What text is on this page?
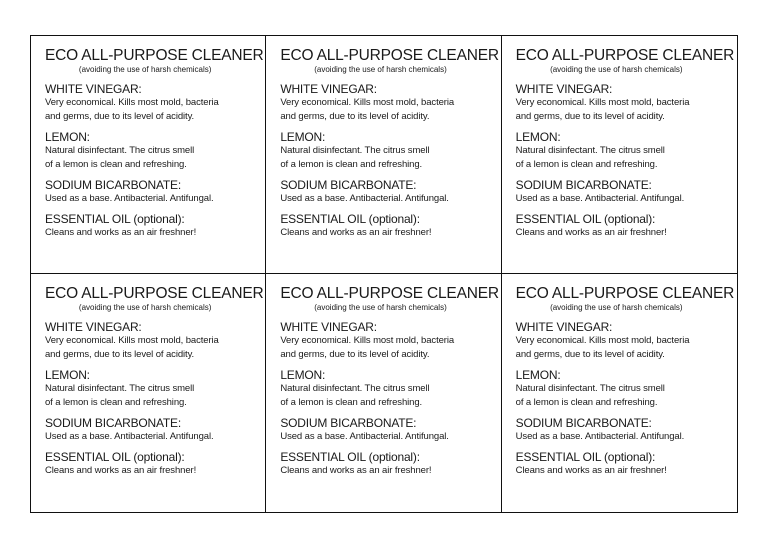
ECO ALL-PURPOSE CLEANER
(avoiding the use of harsh chemicals)
WHITE VINEGAR:
Very economical. Kills most mold, bacteria
and germs, due to its level of acidity.
LEMON:
Natural disinfectant. The citrus smell
of a lemon is clean and refreshing.
SODIUM BICARBONATE:
Used as a base. Antibacterial. Antifungal.
ESSENTIAL OIL (optional):
Cleans and works as an air freshner!
ECO ALL-PURPOSE CLEANER
(avoiding the use of harsh chemicals)
WHITE VINEGAR:
Very economical. Kills most mold, bacteria
and germs, due to its level of acidity.
LEMON:
Natural disinfectant. The citrus smell
of a lemon is clean and refreshing.
SODIUM BICARBONATE:
Used as a base. Antibacterial. Antifungal.
ESSENTIAL OIL (optional):
Cleans and works as an air freshner!
ECO ALL-PURPOSE CLEANER
(avoiding the use of harsh chemicals)
WHITE VINEGAR:
Very economical. Kills most mold, bacteria
and germs, due to its level of acidity.
LEMON:
Natural disinfectant. The citrus smell
of a lemon is clean and refreshing.
SODIUM BICARBONATE:
Used as a base. Antibacterial. Antifungal.
ESSENTIAL OIL (optional):
Cleans and works as an air freshner!
ECO ALL-PURPOSE CLEANER
(avoiding the use of harsh chemicals)
WHITE VINEGAR:
Very economical. Kills most mold, bacteria
and germs, due to its level of acidity.
LEMON:
Natural disinfectant. The citrus smell
of a lemon is clean and refreshing.
SODIUM BICARBONATE:
Used as a base. Antibacterial. Antifungal.
ESSENTIAL OIL (optional):
Cleans and works as an air freshner!
ECO ALL-PURPOSE CLEANER
(avoiding the use of harsh chemicals)
WHITE VINEGAR:
Very economical. Kills most mold, bacteria
and germs, due to its level of acidity.
LEMON:
Natural disinfectant. The citrus smell
of a lemon is clean and refreshing.
SODIUM BICARBONATE:
Used as a base. Antibacterial. Antifungal.
ESSENTIAL OIL (optional):
Cleans and works as an air freshner!
ECO ALL-PURPOSE CLEANER
(avoiding the use of harsh chemicals)
WHITE VINEGAR:
Very economical. Kills most mold, bacteria
and germs, due to its level of acidity.
LEMON:
Natural disinfectant. The citrus smell
of a lemon is clean and refreshing.
SODIUM BICARBONATE:
Used as a base. Antibacterial. Antifungal.
ESSENTIAL OIL (optional):
Cleans and works as an air freshner!
